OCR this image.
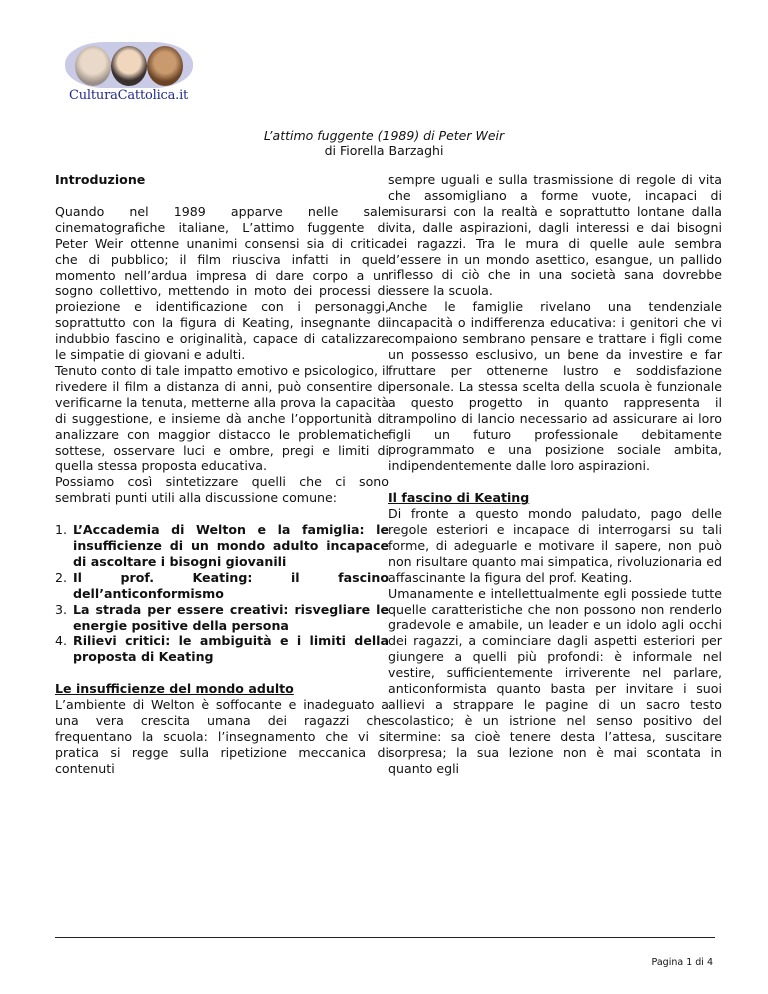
CulturaCattolica.it
L’attimo fuggente (1989) di Peter Weir
di Fiorella Barzaghi
Introduzione

Quando nel 1989 apparve nelle sale cinematografiche italiane, L’attimo fuggente di Peter Weir ottenne unanimi consensi sia di critica che di pubblico; il film riusciva infatti in quel momento nell’ardua impresa di dare corpo a un sogno collettivo, mettendo in moto dei processi di proiezione e identificazione con i personaggi, soprattutto con la figura di Keating, insegnante di indubbio fascino e originalità, capace di catalizzare le simpatie di giovani e adulti.

Tenuto conto di tale impatto emotivo e psicologico, il rivedere il film a distanza di anni, può consentire di verificarne la tenuta, metterne alla prova la capacità di suggestione, e insieme dà anche l’opportunità di analizzare con maggior distacco le problematiche sottese, osservare luci e ombre, pregi e limiti di quella stessa proposta educativa.

Possiamo così sintetizzare quelli che ci sono sembrati punti utili alla discussione comune:

1. L’Accademia di Welton e la famiglia: le insufficienze di un mondo adulto incapace di ascoltare i bisogni giovanili
2. Il prof. Keating: il fascino dell’anticonformismo
3. La strada per essere creativi: risvegliare le energie positive della persona
4. Rilievi critici: le ambiguità e i limiti della proposta di Keating
Le insufficienze del mondo adulto

L’ambiente di Welton è soffocante e inadeguato a una vera crescita umana dei ragazzi che frequentano la scuola: l’insegnamento che vi si pratica si regge sulla ripetizione meccanica di contenuti

sempre uguali e sulla trasmissione di regole di vita che assomigliano a forme vuote, incapaci di misurarsi con la realtà e soprattutto lontane dalla vita, dalle aspirazioni, dagli interessi e dai bisogni dei ragazzi. Tra le mura di quelle aule sembra d’essere in un mondo asettico, esangue, un pallido riflesso di ciò che in una società sana dovrebbe essere la scuola.

Anche le famiglie rivelano una tendenziale incapacità o indifferenza educativa: i genitori che vi compaiono sembrano pensare e trattare i figli come un possesso esclusivo, un bene da investire e far fruttare per ottenerne lustro e soddisfazione personale. La stessa scelta della scuola è funzionale a questo progetto in quanto rappresenta il trampolino di lancio necessario ad assicurare ai loro figli un futuro professionale debitamente programmato e una posizione sociale ambita, indipendentemente dalle loro aspirazioni.

Il fascino di Keating

Di fronte a questo mondo paludato, pago delle regole esteriori e incapace di interrogarsi su tali forme, di adeguarle e motivare il sapere, non può non risultare quanto mai simpatica, rivoluzionaria ed affascinante la figura del prof. Keating.

Umanamente e intellettualmente egli possiede tutte quelle caratteristiche che non possono non renderlo gradevole e amabile, un leader e un idolo agli occhi dei ragazzi, a cominciare dagli aspetti esteriori per giungere a quelli più profondi: è informale nel vestire, sufficientemente irriverente nel parlare, anticonformista quanto basta per invitare i suoi allievi a strappare le pagine di un sacro testo scolastico; è un istrione nel senso positivo del termine: sa cioè tenere desta l’attesa, suscitare sorpresa; la sua lezione non è mai scontata in quanto egli

Pagina 1 di 4
